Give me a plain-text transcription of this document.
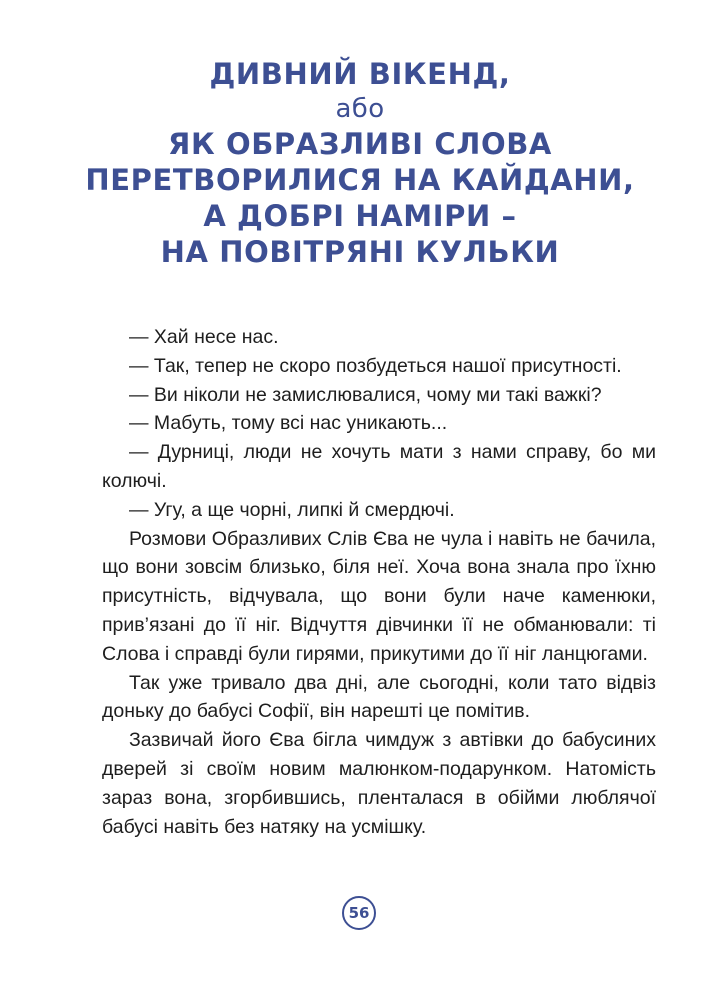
ДИВНИЙ ВІКЕНД,
або
ЯК ОБРАЗЛИВІ СЛОВА
ПЕРЕТВОРИЛИСЯ НА КАЙДАНИ,
А ДОБРІ НАМІРИ –
НА ПОВІТРЯНІ КУЛЬКИ

— Хай несе нас.

— Так, тепер не скоро позбудеться нашої присутності.

— Ви ніколи не замислювалися, чому ми такі важкі?

— Мабуть, тому всі нас уникають...

— Дурниці, люди не хочуть мати з нами справу, бо ми колючі.

— Угу, а ще чорні, липкі й смердючі.

Розмови Образливих Слів Єва не чула і навіть не бачила, що вони зовсім близько, біля неї. Хоча вона знала про їхню присутність, відчувала, що вони були наче каменюки, прив’язані до її ніг. Відчуття дівчинки її не обманювали: ті Слова і справді були гирями, прикутими до її ніг ланцюгами.

Так уже тривало два дні, але сьогодні, коли тато відвіз доньку до бабусі Софії, він нарешті це помітив.

Зазвичай його Єва бігла чимдуж з автівки до бабусиних дверей зі своїм новим малюнком-подарунком. Натомість зараз вона, згорбившись, пленталася в обійми люблячої бабусі навіть без натяку на усмішку.

56
